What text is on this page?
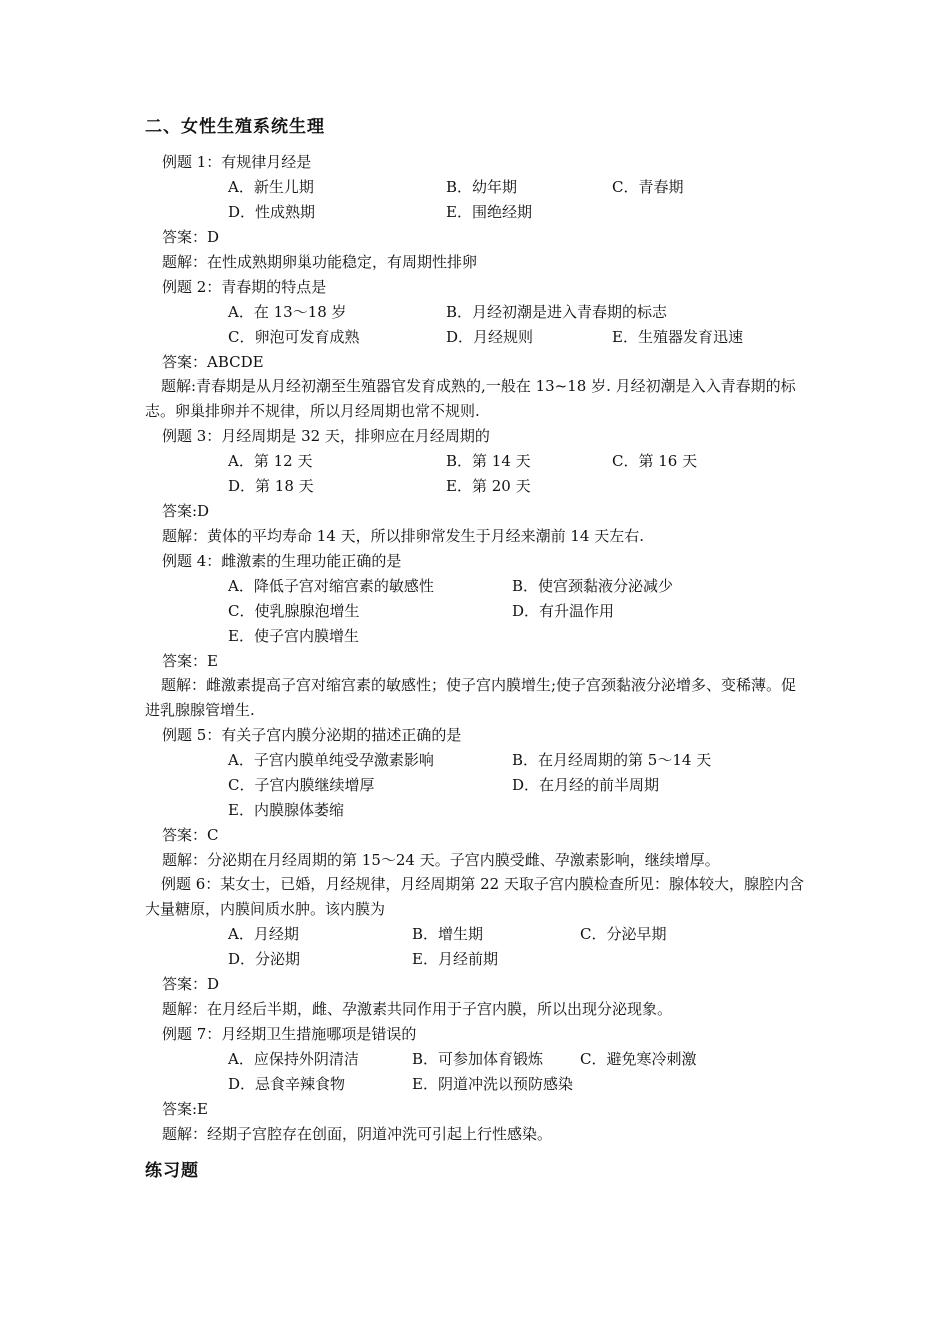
二、女性生殖系统生理
例题 1：有规律月经是
A．新生儿期	B．幼年期	C．青春期
D．性成熟期	E．围绝经期
答案：D
题解：在性成熟期卵巢功能稳定，有周期性排卵
例题 2：青春期的特点是
A．在 13～18 岁	B．月经初潮是进入青春期的标志
C．卵泡可发育成熟	D．月经规则	E．生殖器发育迅速
答案：ABCDE
题解:青春期是从月经初潮至生殖器官发育成熟的,一般在 13~18 岁. 月经初潮是入入青春期的标志。卵巢排卵并不规律，所以月经周期也常不规则.
例题 3：月经周期是 32 天，排卵应在月经周期的
A．第 12 天	B．第 14 天	C．第 16 天
D．第 18 天	E．第 20 天
答案:D
题解：黄体的平均寿命 14 天，所以排卵常发生于月经来潮前 14 天左右.
例题 4：雌激素的生理功能正确的是
A．降低子宫对缩宫素的敏感性	B．使宫颈黏液分泌减少
C．使乳腺腺泡增生	D．有升温作用
E．使子宫内膜增生
答案：E
题解：雌激素提高子宫对缩宫素的敏感性；使子宫内膜增生;使子宫颈黏液分泌增多、变稀薄。促进乳腺腺管增生.
例题 5：有关子宫内膜分泌期的描述正确的是
A．子宫内膜单纯受孕激素影响	B．在月经周期的第 5～14 天
C．子宫内膜继续增厚	D．在月经的前半周期
E．内膜腺体萎缩
答案：C
题解：分泌期在月经周期的第 15～24 天。子宫内膜受雌、孕激素影响，继续增厚。
例题 6：某女士，已婚，月经规律，月经周期第 22 天取子宫内膜检查所见：腺体较大，腺腔内含大量糖原，内膜间质水肿。该内膜为
A．月经期	B．增生期	C．分泌早期
D．分泌期	E．月经前期
答案：D
题解：在月经后半期，雌、孕激素共同作用于子宫内膜，所以出现分泌现象。
例题 7：月经期卫生措施哪项是错误的
A．应保持外阴清洁	B．可参加体育锻炼 C．避免寒冷刺激
D．忌食辛辣食物	E．阴道冲洗以预防感染
答案:E
题解：经期子宫腔存在创面，阴道冲洗可引起上行性感染。
练习题
